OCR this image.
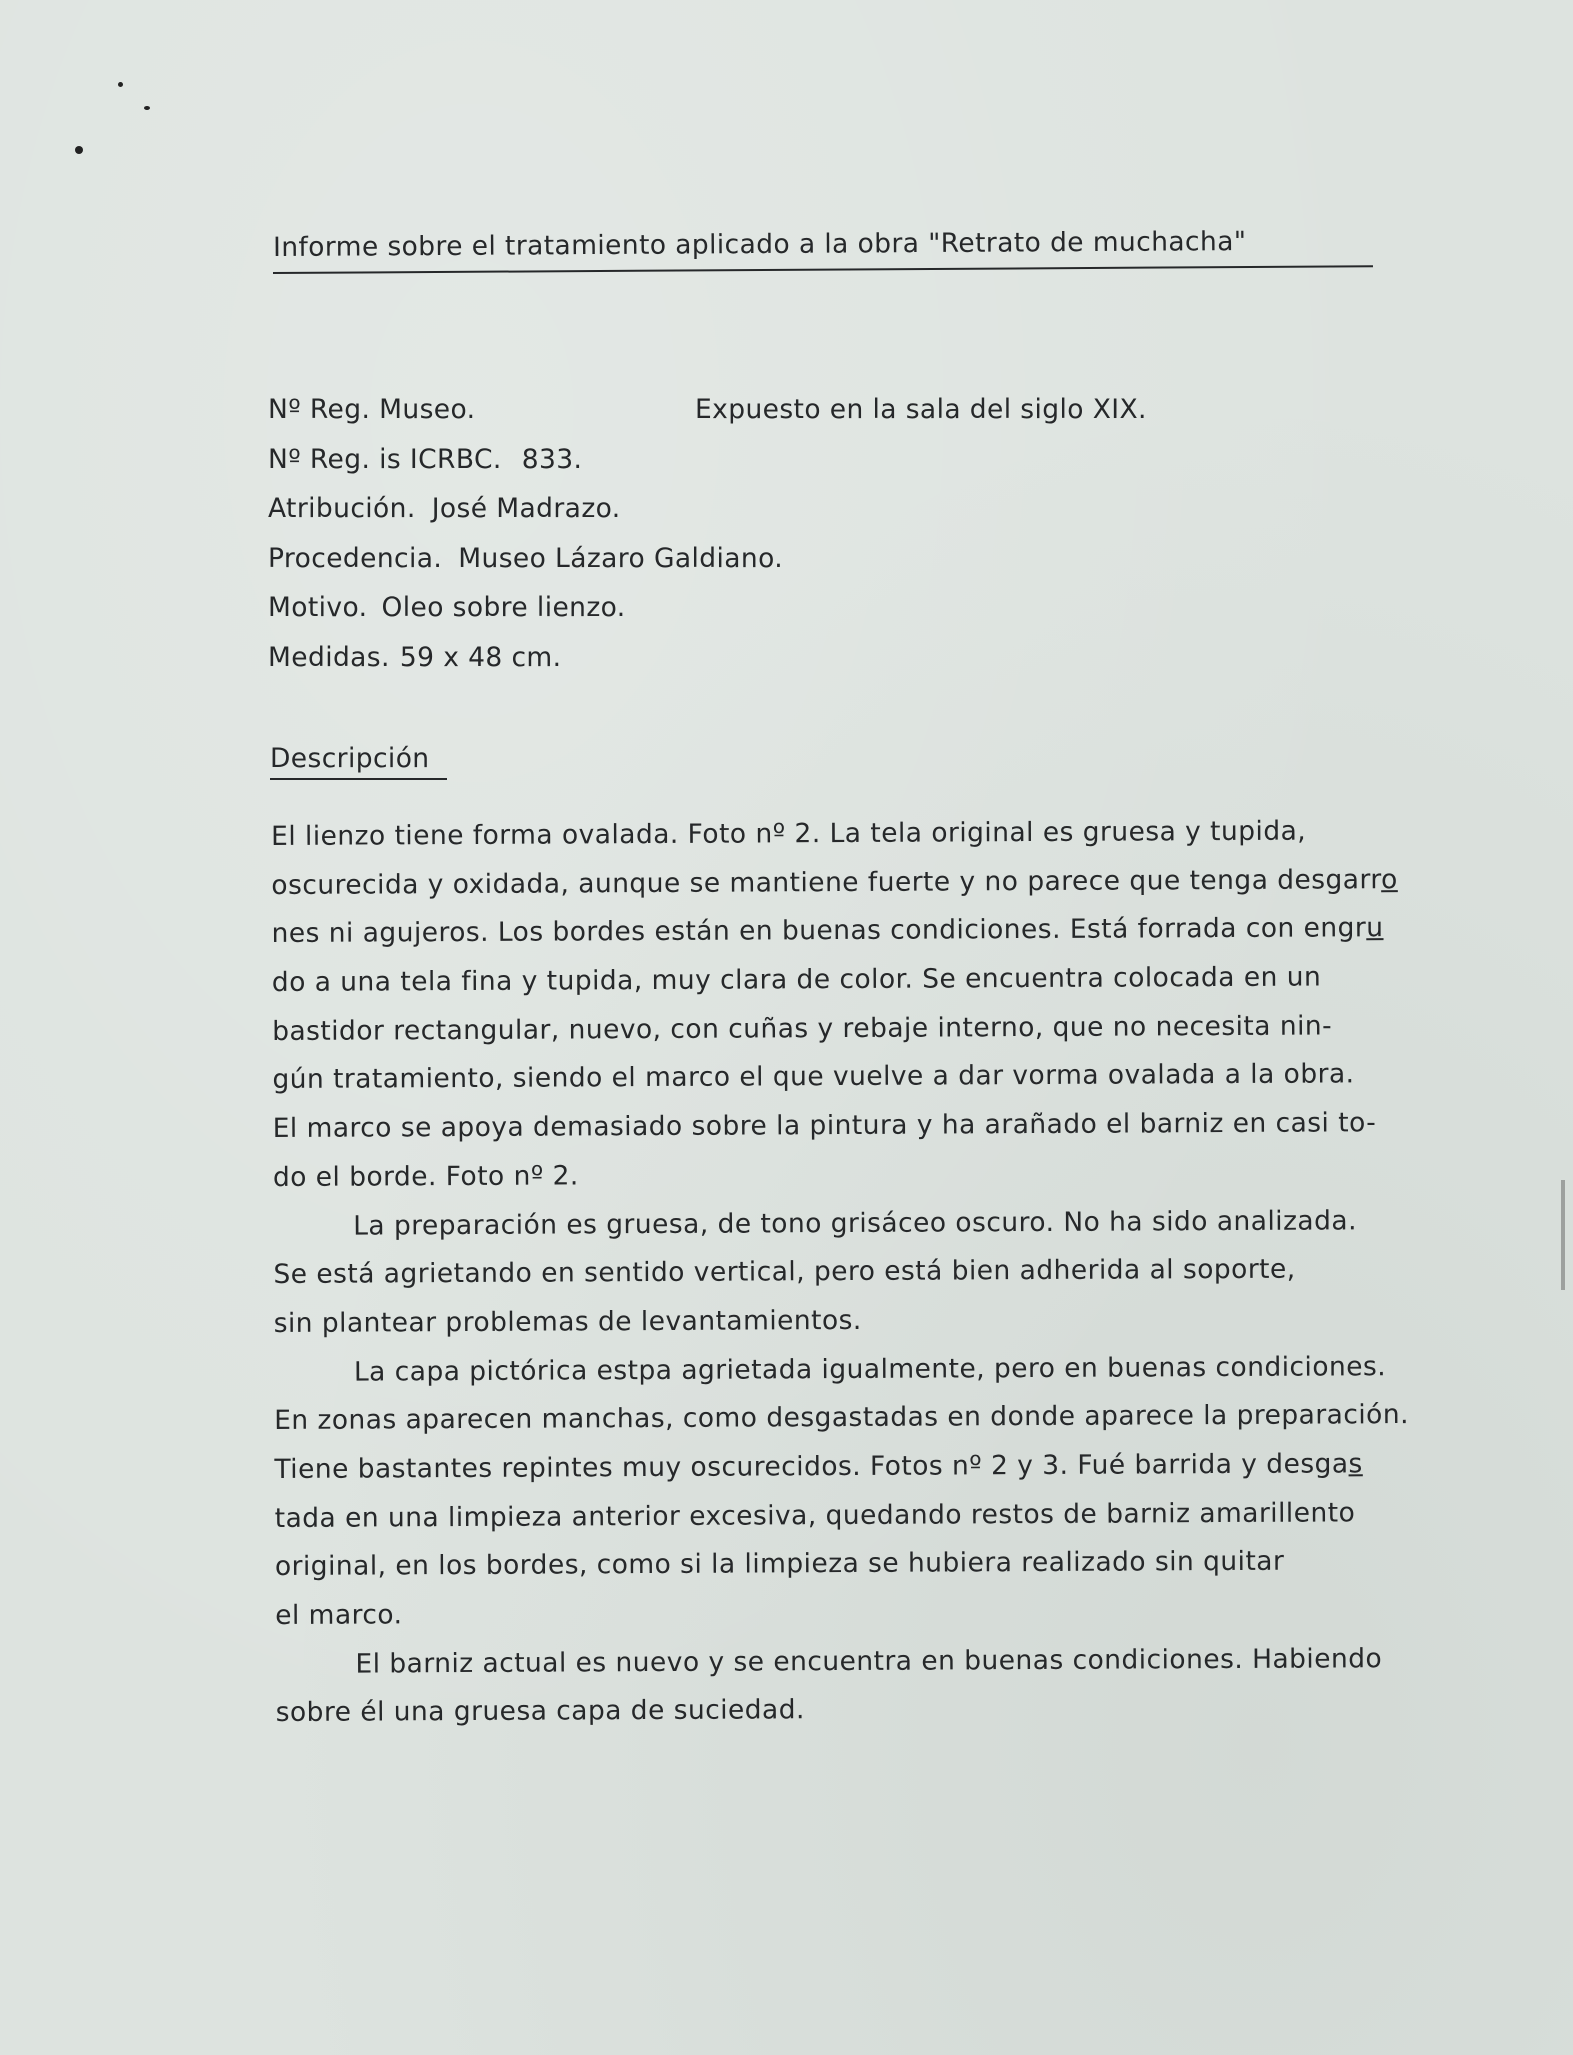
Informe sobre el tratamiento aplicado a la obra "Retrato de muchacha"
Nº Reg. Museo.
Nº Reg. is ICRBC. 833.
Atribución. José Madrazo.
Procedencia. Museo Lázaro Galdiano.
Motivo. Oleo sobre lienzo.
Medidas. 59 x 48 cm.
Expuesto en la sala del siglo XIX.
Descripción
El lienzo tiene forma ovalada. Foto nº 2. La tela original es gruesa y tupida,
oscurecida y oxidada, aunque se mantiene fuerte y no parece que tenga desgarro
nes ni agujeros. Los bordes están en buenas condiciones. Está forrada con engru
do a una tela fina y tupida, muy clara de color. Se encuentra colocada en un
bastidor rectangular, nuevo, con cuñas y rebaje interno, que no necesita nin-
gún tratamiento, siendo el marco el que vuelve a dar vorma ovalada a la obra.
El marco se apoya demasiado sobre la pintura y ha arañado el barniz en casi to-
do el borde. Foto nº 2.
La preparación es gruesa, de tono grisáceo oscuro. No ha sido analizada.
Se está agrietando en sentido vertical, pero está bien adherida al soporte,
sin plantear problemas de levantamientos.
La capa pictórica estpa agrietada igualmente, pero en buenas condiciones.
En zonas aparecen manchas, como desgastadas en donde aparece la preparación.
Tiene bastantes repintes muy oscurecidos. Fotos nº 2 y 3. Fué barrida y desgas
tada en una limpieza anterior excesiva, quedando restos de barniz amarillento
original, en los bordes, como si la limpieza se hubiera realizado sin quitar
el marco.
El barniz actual es nuevo y se encuentra en buenas condiciones. Habiendo
sobre él una gruesa capa de suciedad.
